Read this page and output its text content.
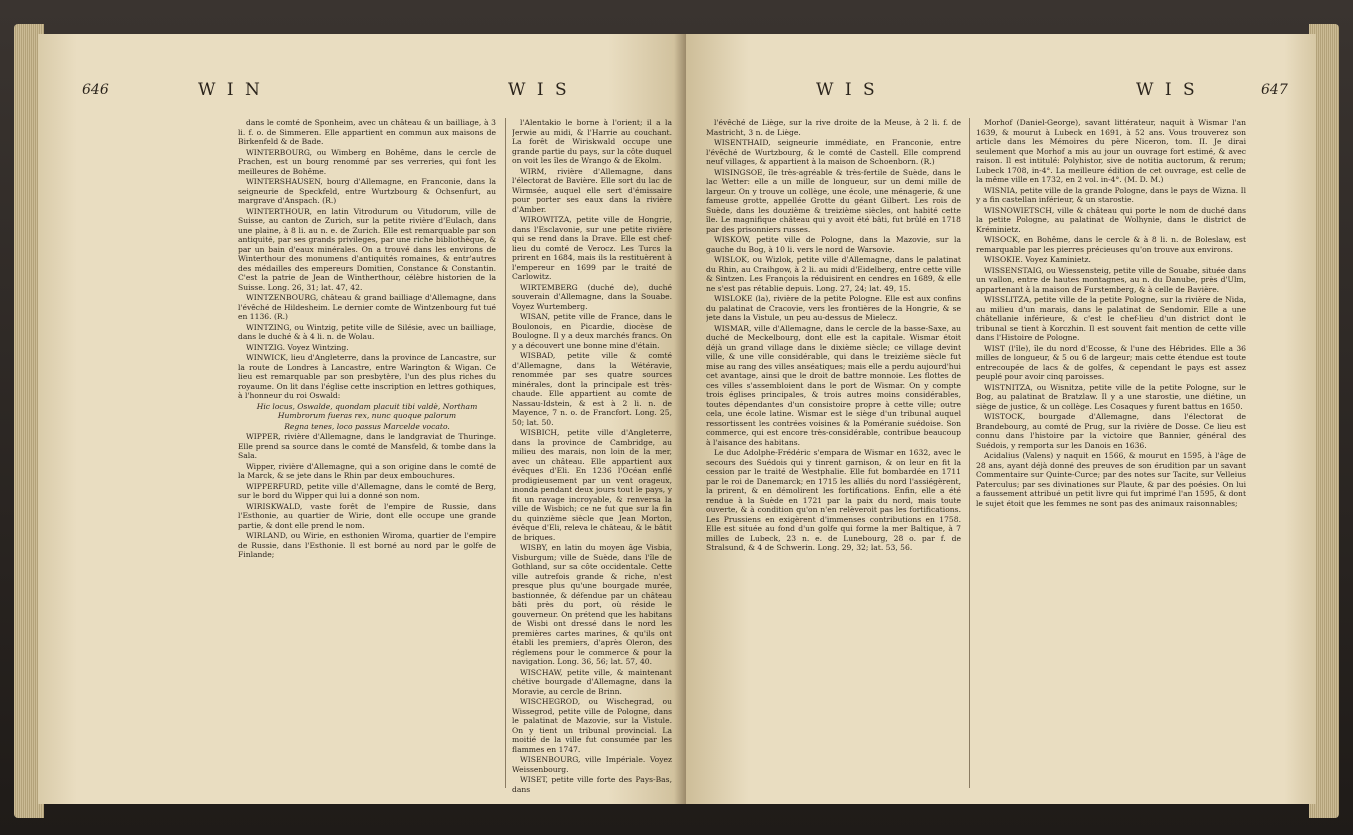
646	W I N	W I S

dans le comté de Sponheim, avec un château & un bailliage, à 3 li. f. o. de Simmeren. Elle appartient en commun aux maisons de Birkenfeld & de Bade.

WINTERBOURG, ou Wimberg en Bohême, dans le cercle de Prachen, est un bourg renommé par ses verreries, qui font les meilleures de Bohême.

WINTERSHAUSEN, bourg d'Allemagne, en Franconie, dans la seigneurie de Speckfeld, entre Wurtzbourg & Ochsenfurt, au margrave d'Anspach. (R.)

WINTERTHOUR, en latin Vitrodurum ou Vitudorum, ville de Suisse, au canton de Zurich, sur la petite rivière d'Eulach, dans une plaine, à 8 li. au n. e. de Zurich. Elle est remarquable par son antiquité, par ses grands privileges, par une riche bibliothèque, & par un bain d'eaux minérales. On a trouvé dans les environs de Winterthour des monumens d'antiquités romaines, & entr'autres des médailles des empereurs Domitien, Constance & Constantin. C'est la patrie de Jean de Wintherthour, célèbre historien de la Suisse. Long. 26, 31; lat. 47, 42.

WINTZENBOURG, château & grand bailliage d'Allemagne, dans l'évêché de Hildesheim. Le dernier comte de Wintzenbourg fut tué en 1136. (R.)

WINTZING, ou Wintzig, petite ville de Silésie, avec un bailliage, dans le duché & à 4 li. n. de Wolau.

WINTZIG. Voyez Wintzing.

WINWICK, lieu d'Angleterre, dans la province de Lancastre, sur la route de Londres à Lancastre, entre Warington & Wigan. Ce lieu est remarquable par son presbytère, l'un des plus riches du royaume. On lit dans l'église cette inscription en lettres gothiques, à l'honneur du roi Oswald:

Hic locus, Oswalde, quondam placuit tibi valdè, Northam Humbrorum fueras rex, nunc quoque palorum

Regna tenes, loco passus Marcelde vocato.

WIPPER, rivière d'Allemagne, dans le landgraviat de Thuringe. Elle prend sa source dans le comté de Mansfeld, & tombe dans la Sala.

Wipper, rivière d'Allemagne, qui a son origine dans le comté de la Marck, & se jete dans le Rhin par deux embouchures.

WIPPERFURD, petite ville d'Allemagne, dans le comté de Berg, sur le bord du Wipper qui lui a donné son nom.

WIRISKWALD, vaste forêt de l'empire de Russie, dans l'Esthonie, au quartier de Wirie, dont elle occupe une grande partie, & dont elle prend le nom.

WIRLAND, ou Wirie, en esthonien Wiroma, quartier de l'empire de Russie, dans l'Esthonie. Il est borné au nord par le golfe de Finlande;

l'Alentakio le borne à l'orient; il a la Jerwie au midi, & l'Harrie au couchant. La forêt de Wiriskwald occupe une grande partie du pays, sur la côte duquel on voit les îles de Wrango & de Ekolm.

WIRM, rivière d'Allemagne, dans l'électorat de Bavière. Elle sort du lac de Wirmsée, auquel elle sert d'émissaire pour porter ses eaux dans la rivière d'Amber.

WIROWITZA, petite ville de Hongrie, dans l'Esclavonie, sur une petite rivière qui se rend dans la Drave. Elle est chef-lieu du comté de Verocz. Les Turcs la prirent en 1684, mais ils la restituèrent à l'empereur en 1699 par le traité de Carlowitz.

WIRTEMBERG (duché de), duché souverain d'Allemagne, dans la Souabe. Voyez Wurtemberg.

WISAN, petite ville de France, dans le Boulonois, en Picardie, diocèse de Boulogne. Il y a deux marchés francs. On y a découvert une bonne mine d'étain.

WISBAD, petite ville & comté d'Allemagne, dans la Wétéravie, renommée par ses quatre sources minérales, dont la principale est très-chaude. Elle appartient au comte de Nassau-Idstein, & est à 2 li. n. de Mayence, 7 n. o. de Francfort. Long. 25, 50; lat. 50.

WISBICH, petite ville d'Angleterre, dans la province de Cambridge, au milieu des marais, non loin de la mer, avec un château. Elle appartient aux évêques d'Eli. En 1236 l'Océan enflé prodigieusement par un vent orageux, inonda pendant deux jours tout le pays, y fit un ravage incroyable, & renversa la ville de Wisbich; ce ne fut que sur la fin du quinzième siècle que Jean Morton, évêque d'Eli, releva le château, & le bâtit de briques.

WISBY, en latin du moyen âge Visbia, Visburgum; ville de Suède, dans l'île de Gothland, sur sa côte occidentale. Cette ville autrefois grande & riche, n'est presque plus qu'une bourgade murée, bastionnée, & défendue par un château bâti près du port, où réside le gouverneur. On prétend que les habitans de Wisbi ont dressé dans le nord les premières cartes marines, & qu'ils ont établi les premiers, d'après Oleron, des réglemens pour le commerce & pour la navigation. Long. 36, 56; lat. 57, 40.

WISCHAW, petite ville, & maintenant chétive bourgade d'Allemagne, dans la Moravie, au cercle de Brinn.

WISCHEGROD, ou Wischegrad, ou Wissegrod, petite ville de Pologne, dans le palatinat de Mazovie, sur la Vistule. On y tient un tribunal provincial. La moitié de la ville fut consumée par les flammes en 1747.

WISENBOURG, ville Impériale. Voyez Weissenbourg.

WISET, petite ville forte des Pays-Bas, dans

W I S	W I S	647

l'évêché de Liège, sur la rive droite de la Meuse, à 2 li. f. de Mastricht, 3 n. de Liège.

WISENTHAID, seigneurie immédiate, en Franconie, entre l'évêché de Wurtzbourg, & le comté de Castell. Elle comprend neuf villages, & appartient à la maison de Schoenborn. (R.)

WISINGSOE, île très-agréable & très-fertile de Suède, dans le lac Wetter: elle a un mille de longueur, sur un demi mille de largeur. On y trouve un collège, une école, une ménagerie, & une fameuse grotte, appellée Grotte du géant Gilbert. Les rois de Suède, dans les douzième & treizième siècles, ont habité cette île. Le magnifique château qui y avoit été bâti, fut brûlé en 1718 par des prisonniers russes.

WISKOW, petite ville de Pologne, dans la Mazovie, sur la gauche du Bog, à 10 li. vers le nord de Warsovie.

WISLOK, ou Wizlok, petite ville d'Allemagne, dans le palatinat du Rhin, au Craihgow, à 2 li. au midi d'Eidelberg, entre cette ville & Sintzen. Les François la réduisirent en cendres en 1689, & elle ne s'est pas rétablie depuis. Long. 27, 24; lat. 49, 15.

WISLOKE (la), rivière de la petite Pologne. Elle est aux confins du palatinat de Cracovie, vers les frontières de la Hongrie, & se jete dans la Vistule, un peu au-dessus de Mielecz.

WISMAR, ville d'Allemagne, dans le cercle de la basse-Saxe, au duché de Meckelbourg, dont elle est la capitale. Wismar étoit déjà un grand village dans le dixième siècle; ce village devint ville, & une ville considérable, qui dans le treizième siècle fut mise au rang des villes anséatiques; mais elle a perdu aujourd'hui cet avantage, ainsi que le droit de battre monnoie. Les flottes de ces villes s'assembloient dans le port de Wismar. On y compte trois églises principales, & trois autres moins considérables, toutes dépendantes d'un consistoire propre à cette ville; outre cela, une école latine. Wismar est le siège d'un tribunal auquel ressortissent les contrées voisines & la Poméranie suédoise. Son commerce, qui est encore très-considérable, contribue beaucoup à l'aisance des habitans.

Le duc Adolphe-Frédéric s'empara de Wismar en 1632, avec le secours des Suédois qui y tinrent garnison, & on leur en fit la cession par le traité de Westphalie. Elle fut bombardée en 1711 par le roi de Danemarck; en 1715 les alliés du nord l'assiégèrent, la prirent, & en démolirent les fortifications. Enfin, elle a été rendue à la Suède en 1721 par la paix du nord, mais toute ouverte, & à condition qu'on n'en relèveroit pas les fortifications. Les Prussiens en exigèrent d'immenses contributions en 1758. Elle est située au fond d'un golfe qui forme la mer Baltique, à 7 milles de Lubeck, 23 n. e. de Lunebourg, 28 o. par f. de Stralsund, & 4 de Schwerin. Long. 29, 32; lat. 53, 56.

Morhof (Daniel-George), savant littérateur, naquit à Wismar l'an 1639, & mourut à Lubeck en 1691, à 52 ans. Vous trouverez son article dans les Mémoires du père Niceron, tom. II. Je dirai seulement que Morhof a mis au jour un ouvrage fort estimé, & avec raison. Il est intitulé: Polyhistor, sive de notitia auctorum, & rerum; Lubeck 1708, in-4°. La meilleure édition de cet ouvrage, est celle de la même ville en 1732, en 2 vol. in-4°. (M. D. M.)

WISNIA, petite ville de la grande Pologne, dans le pays de Wizna. Il y a fin castellan inférieur, & un starostie.

WISNOWIETSCH, ville & château qui porte le nom de duché dans la petite Pologne, au palatinat de Wolhynie, dans le district de Kréminietz.

WISOCK, en Bohême, dans le cercle & à 8 li. n. de Boleslaw, est remarquable par les pierres précieuses qu'on trouve aux environs.

WISOKIE. Voyez Kaminietz.

WISSENSTAIG, ou Wiessensteig, petite ville de Souabe, située dans un vallon, entre de hautes montagnes, au n. du Danube, près d'Ulm, appartenant à la maison de Furstemberg, & à celle de Bavière.

WISSLITZA, petite ville de la petite Pologne, sur la rivière de Nida, au milieu d'un marais, dans le palatinat de Sendomir. Elle a une châtellanie inférieure, & c'est le chef-lieu d'un district dont le tribunal se tient à Korczhin. Il est souvent fait mention de cette ville dans l'Histoire de Pologne.

WIST (l'île), île du nord d'Ecosse, & l'une des Hébrides. Elle a 36 milles de longueur, & 5 ou 6 de largeur; mais cette étendue est toute entrecoupée de lacs & de golfes, & cependant le pays est assez peuplé pour avoir cinq paroisses.

WISTNITZA, ou Wisnitza, petite ville de la petite Pologne, sur le Bog, au palatinat de Bratzlaw. Il y a une starostie, une diétine, un siège de justice, & un collège. Les Cosaques y furent battus en 1650.

WISTOCK, bourgade d'Allemagne, dans l'électorat de Brandebourg, au comté de Prug, sur la rivière de Dosse. Ce lieu est connu dans l'histoire par la victoire que Bannier, général des Suédois, y remporta sur les Danois en 1636.

Acidalius (Valens) y naquit en 1566, & mourut en 1595, à l'âge de 28 ans, ayant déjà donné des preuves de son érudition par un savant Commentaire sur Quinte-Curce; par des notes sur Tacite, sur Velleius Paterculus; par ses divinationes sur Plaute, & par des poésies. On lui a faussement attribué un petit livre qui fut imprimé l'an 1595, & dont le sujet étoit que les femmes ne sont pas des animaux raisonnables;
